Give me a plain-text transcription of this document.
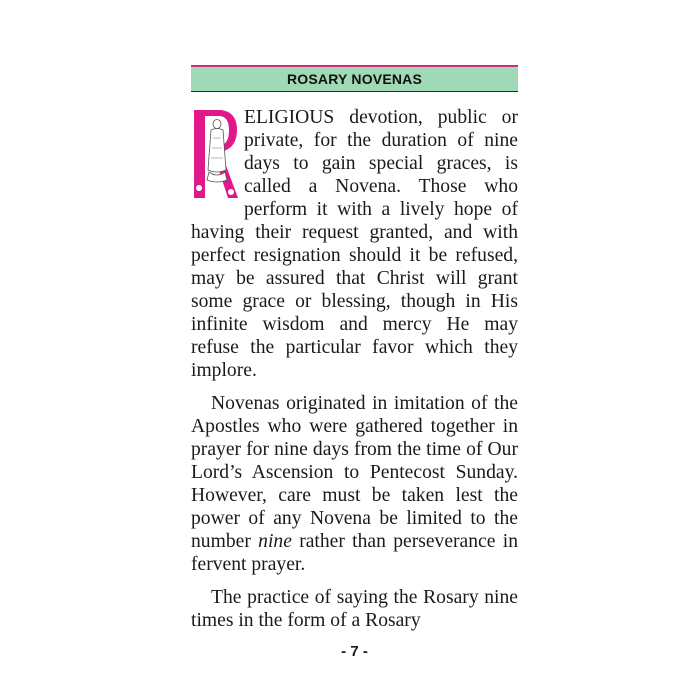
ROSARY NOVENAS

ELIGIOUS devotion, public or private, for the duration of nine days to gain special graces, is called a Novena. Those who perform it with a lively hope of having their request granted, and with perfect resignation should it be refused, may be assured that Christ will grant some grace or blessing, though in His infinite wisdom and mercy He may refuse the particular favor which they implore.

Novenas originated in imitation of the Apostles who were gathered together in prayer for nine days from the time of Our Lord’s Ascension to Pentecost Sunday. However, care must be taken lest the power of any Novena be limited to the number nine rather than perseverance in fervent prayer.

The practice of saying the Rosary nine times in the form of a Rosary

- 7 -
